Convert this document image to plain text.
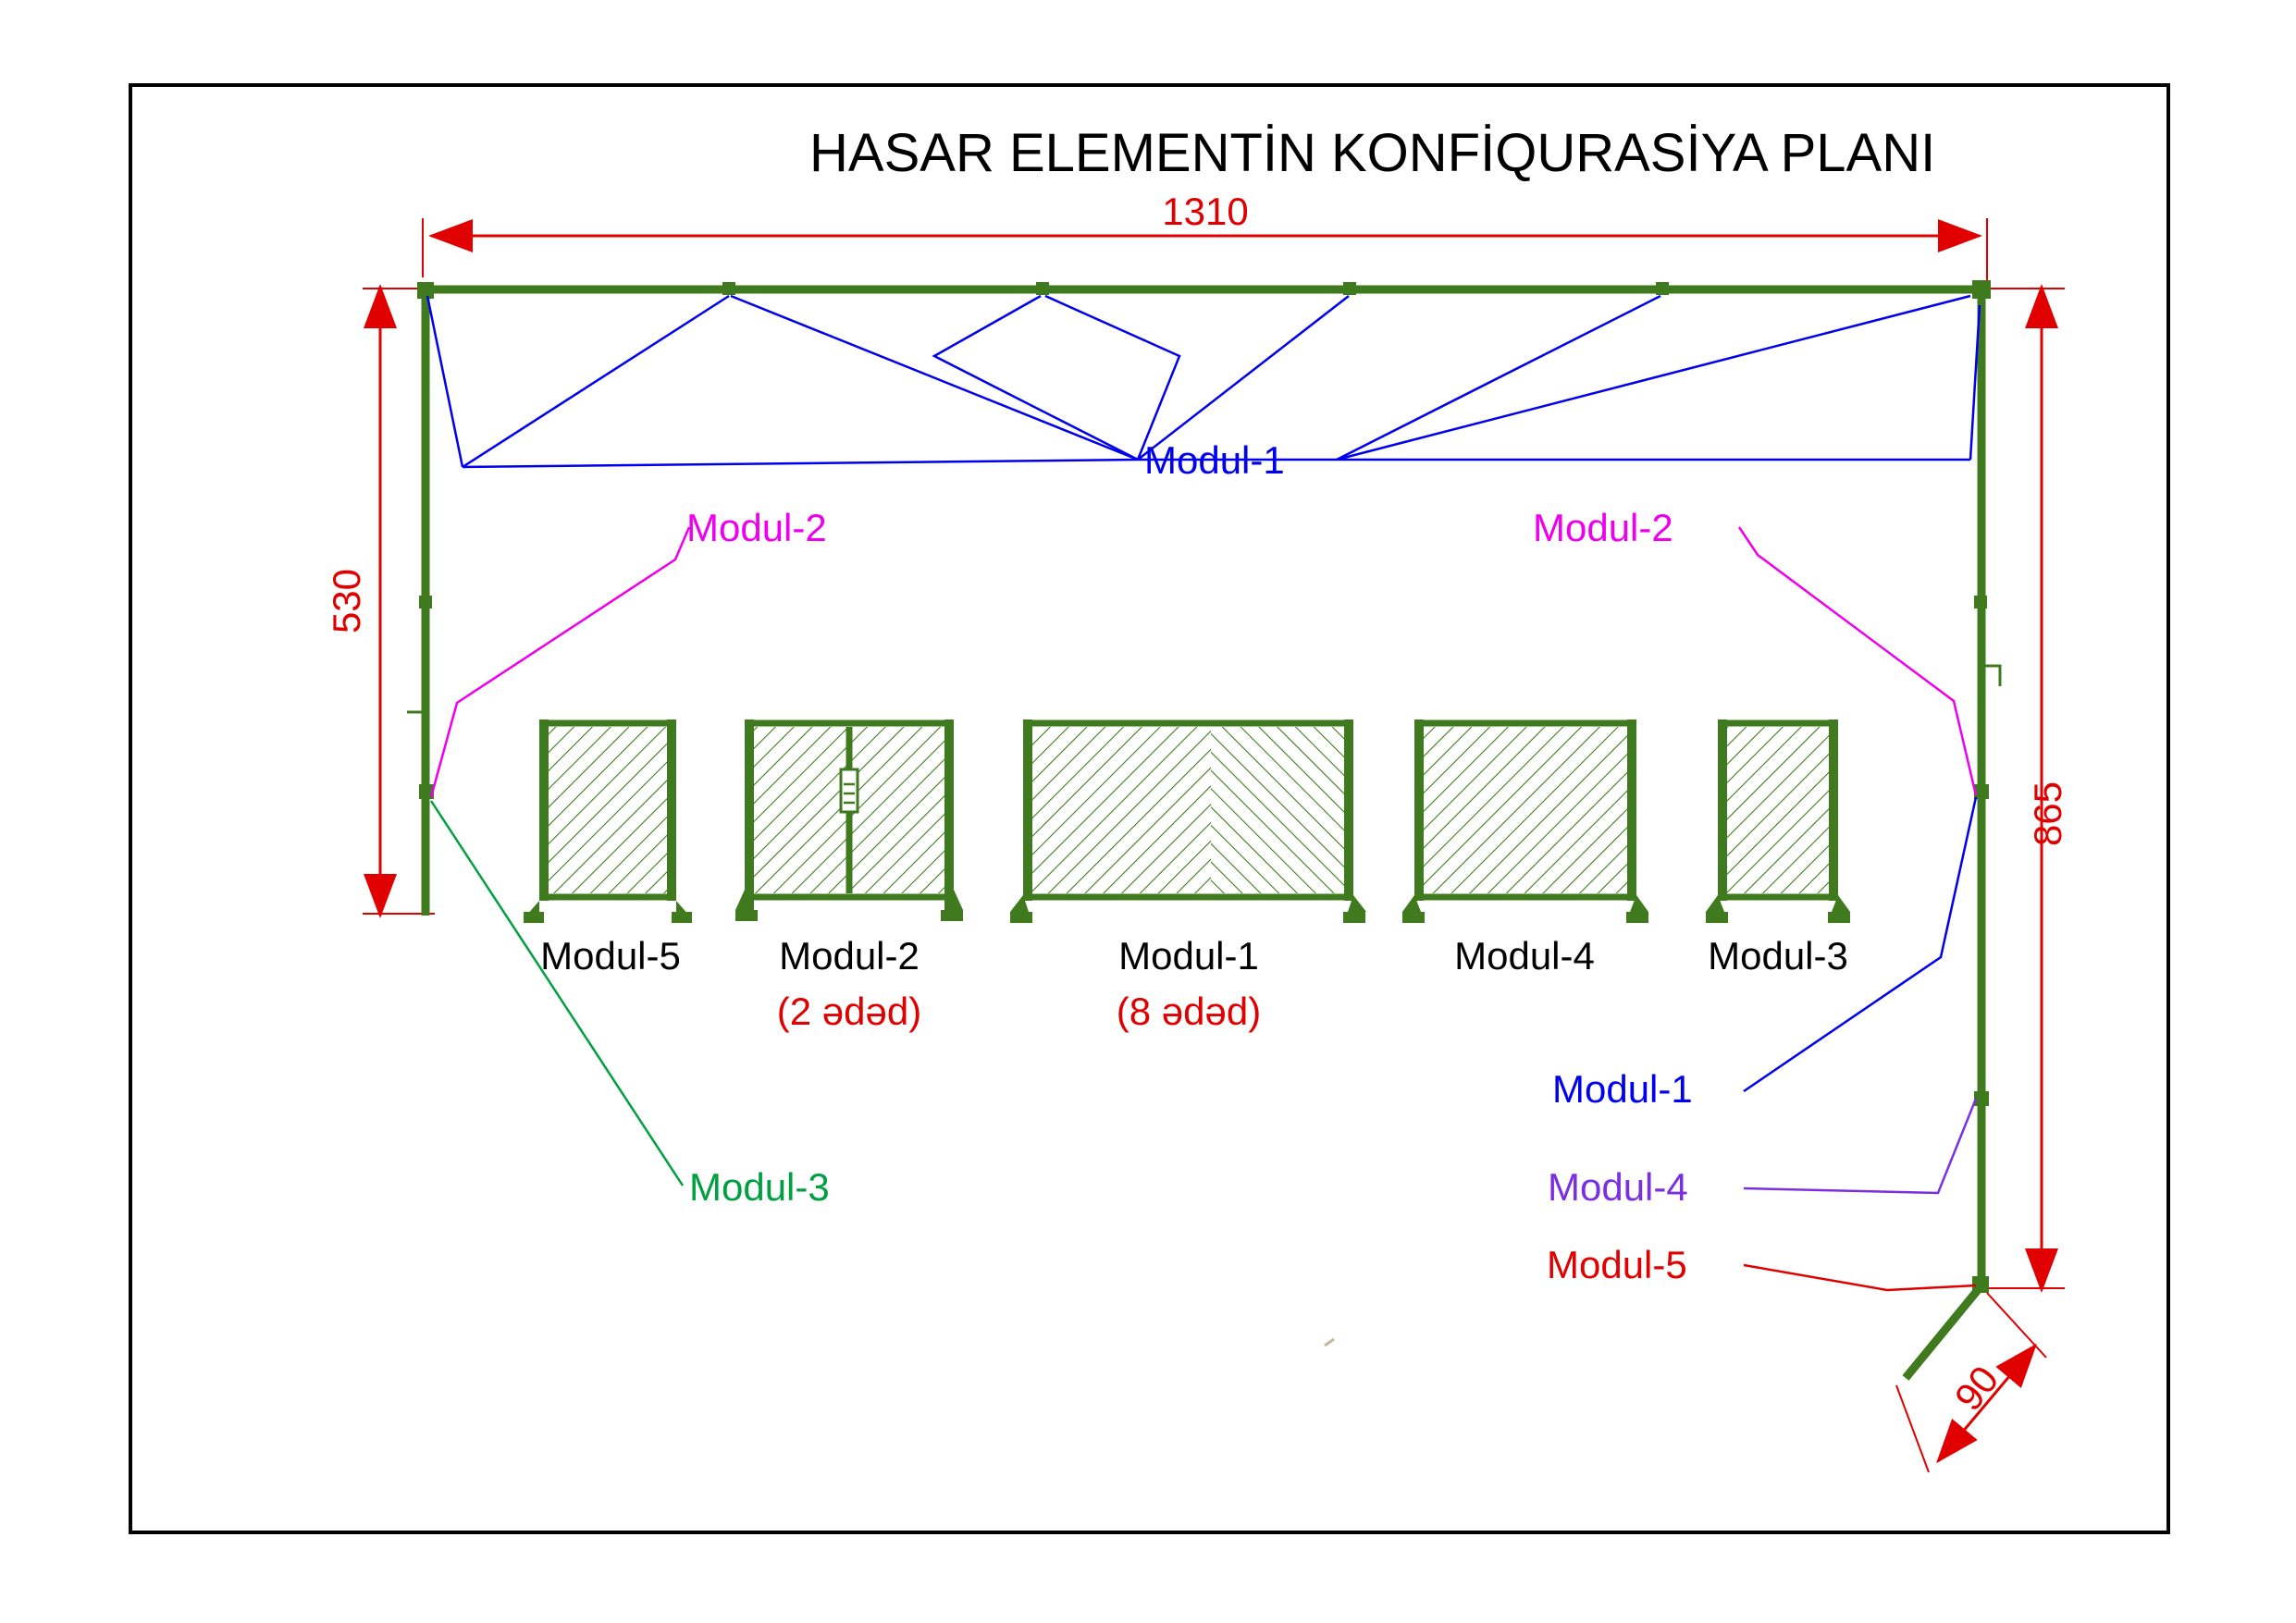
HASAR ELEMENTİN KONFİQURASİYA PLANI
1310
530
865
90
Modul-1
Modul-2	Modul-2
Modul-3
Modul-1
Modul-4
Modul-5
Modul-5	Modul-2
(2 ədəd)
Modul-1
(8 ədəd)
Modul-4	Modul-3
